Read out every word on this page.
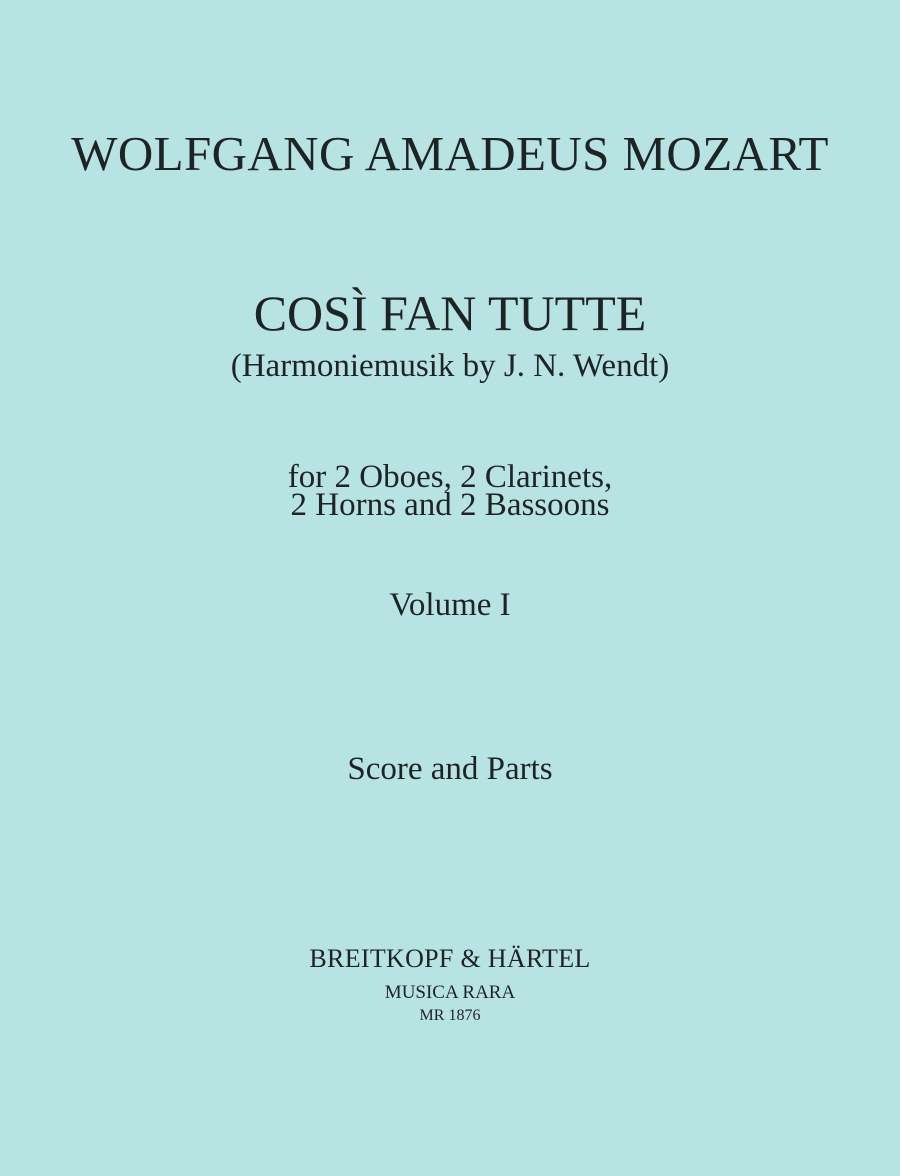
WOLFGANG AMADEUS MOZART
COSÌ FAN TUTTE
(Harmoniemusik by J. N. Wendt)
for 2 Oboes, 2 Clarinets,
2 Horns and 2 Bassoons
Volume I
Score and Parts
BREITKOPF & HÄRTEL
MUSICA RARA
MR 1876
